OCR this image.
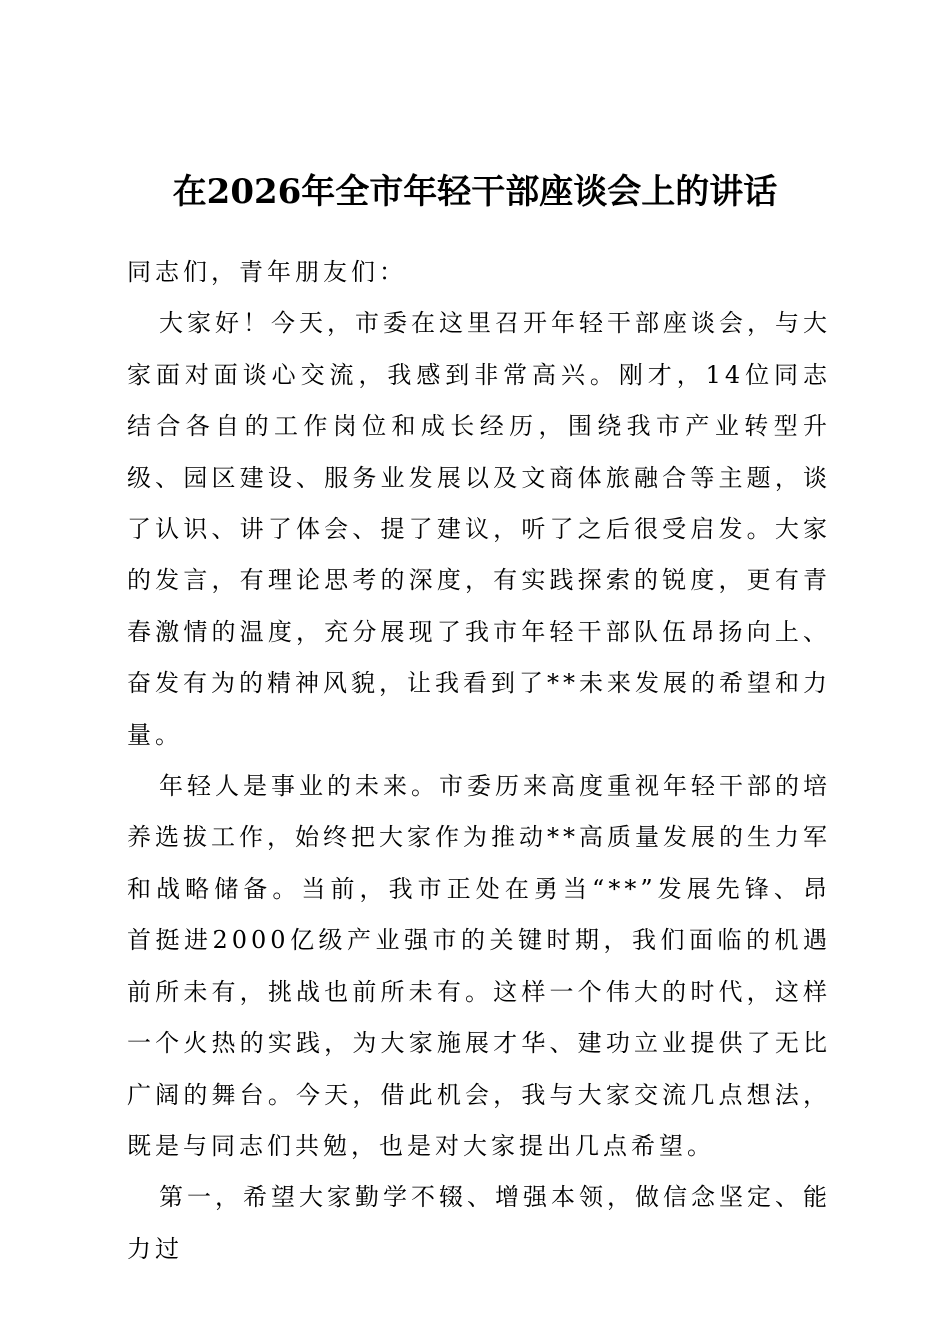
在2026年全市年轻干部座谈会上的讲话

同志们，青年朋友们：

大家好！今天，市委在这里召开年轻干部座谈会，与大家面对面谈心交流，我感到非常高兴。刚才，14位同志结合各自的工作岗位和成长经历，围绕我市产业转型升级、园区建设、服务业发展以及文商体旅融合等主题，谈了认识、讲了体会、提了建议，听了之后很受启发。大家的发言，有理论思考的深度，有实践探索的锐度，更有青春激情的温度，充分展现了我市年轻干部队伍昂扬向上、奋发有为的精神风貌，让我看到了**未来发展的希望和力量。

年轻人是事业的未来。市委历来高度重视年轻干部的培养选拔工作，始终把大家作为推动**高质量发展的生力军和战略储备。当前，我市正处在勇当“**”发展先锋、昂首挺进2000亿级产业强市的关键时期，我们面临的机遇前所未有，挑战也前所未有。这样一个伟大的时代，这样一个火热的实践，为大家施展才华、建功立业提供了无比广阔的舞台。今天，借此机会，我与大家交流几点想法，既是与同志们共勉，也是对大家提出几点希望。

第一，希望大家勤学不辍、增强本领，做信念坚定、能力过
